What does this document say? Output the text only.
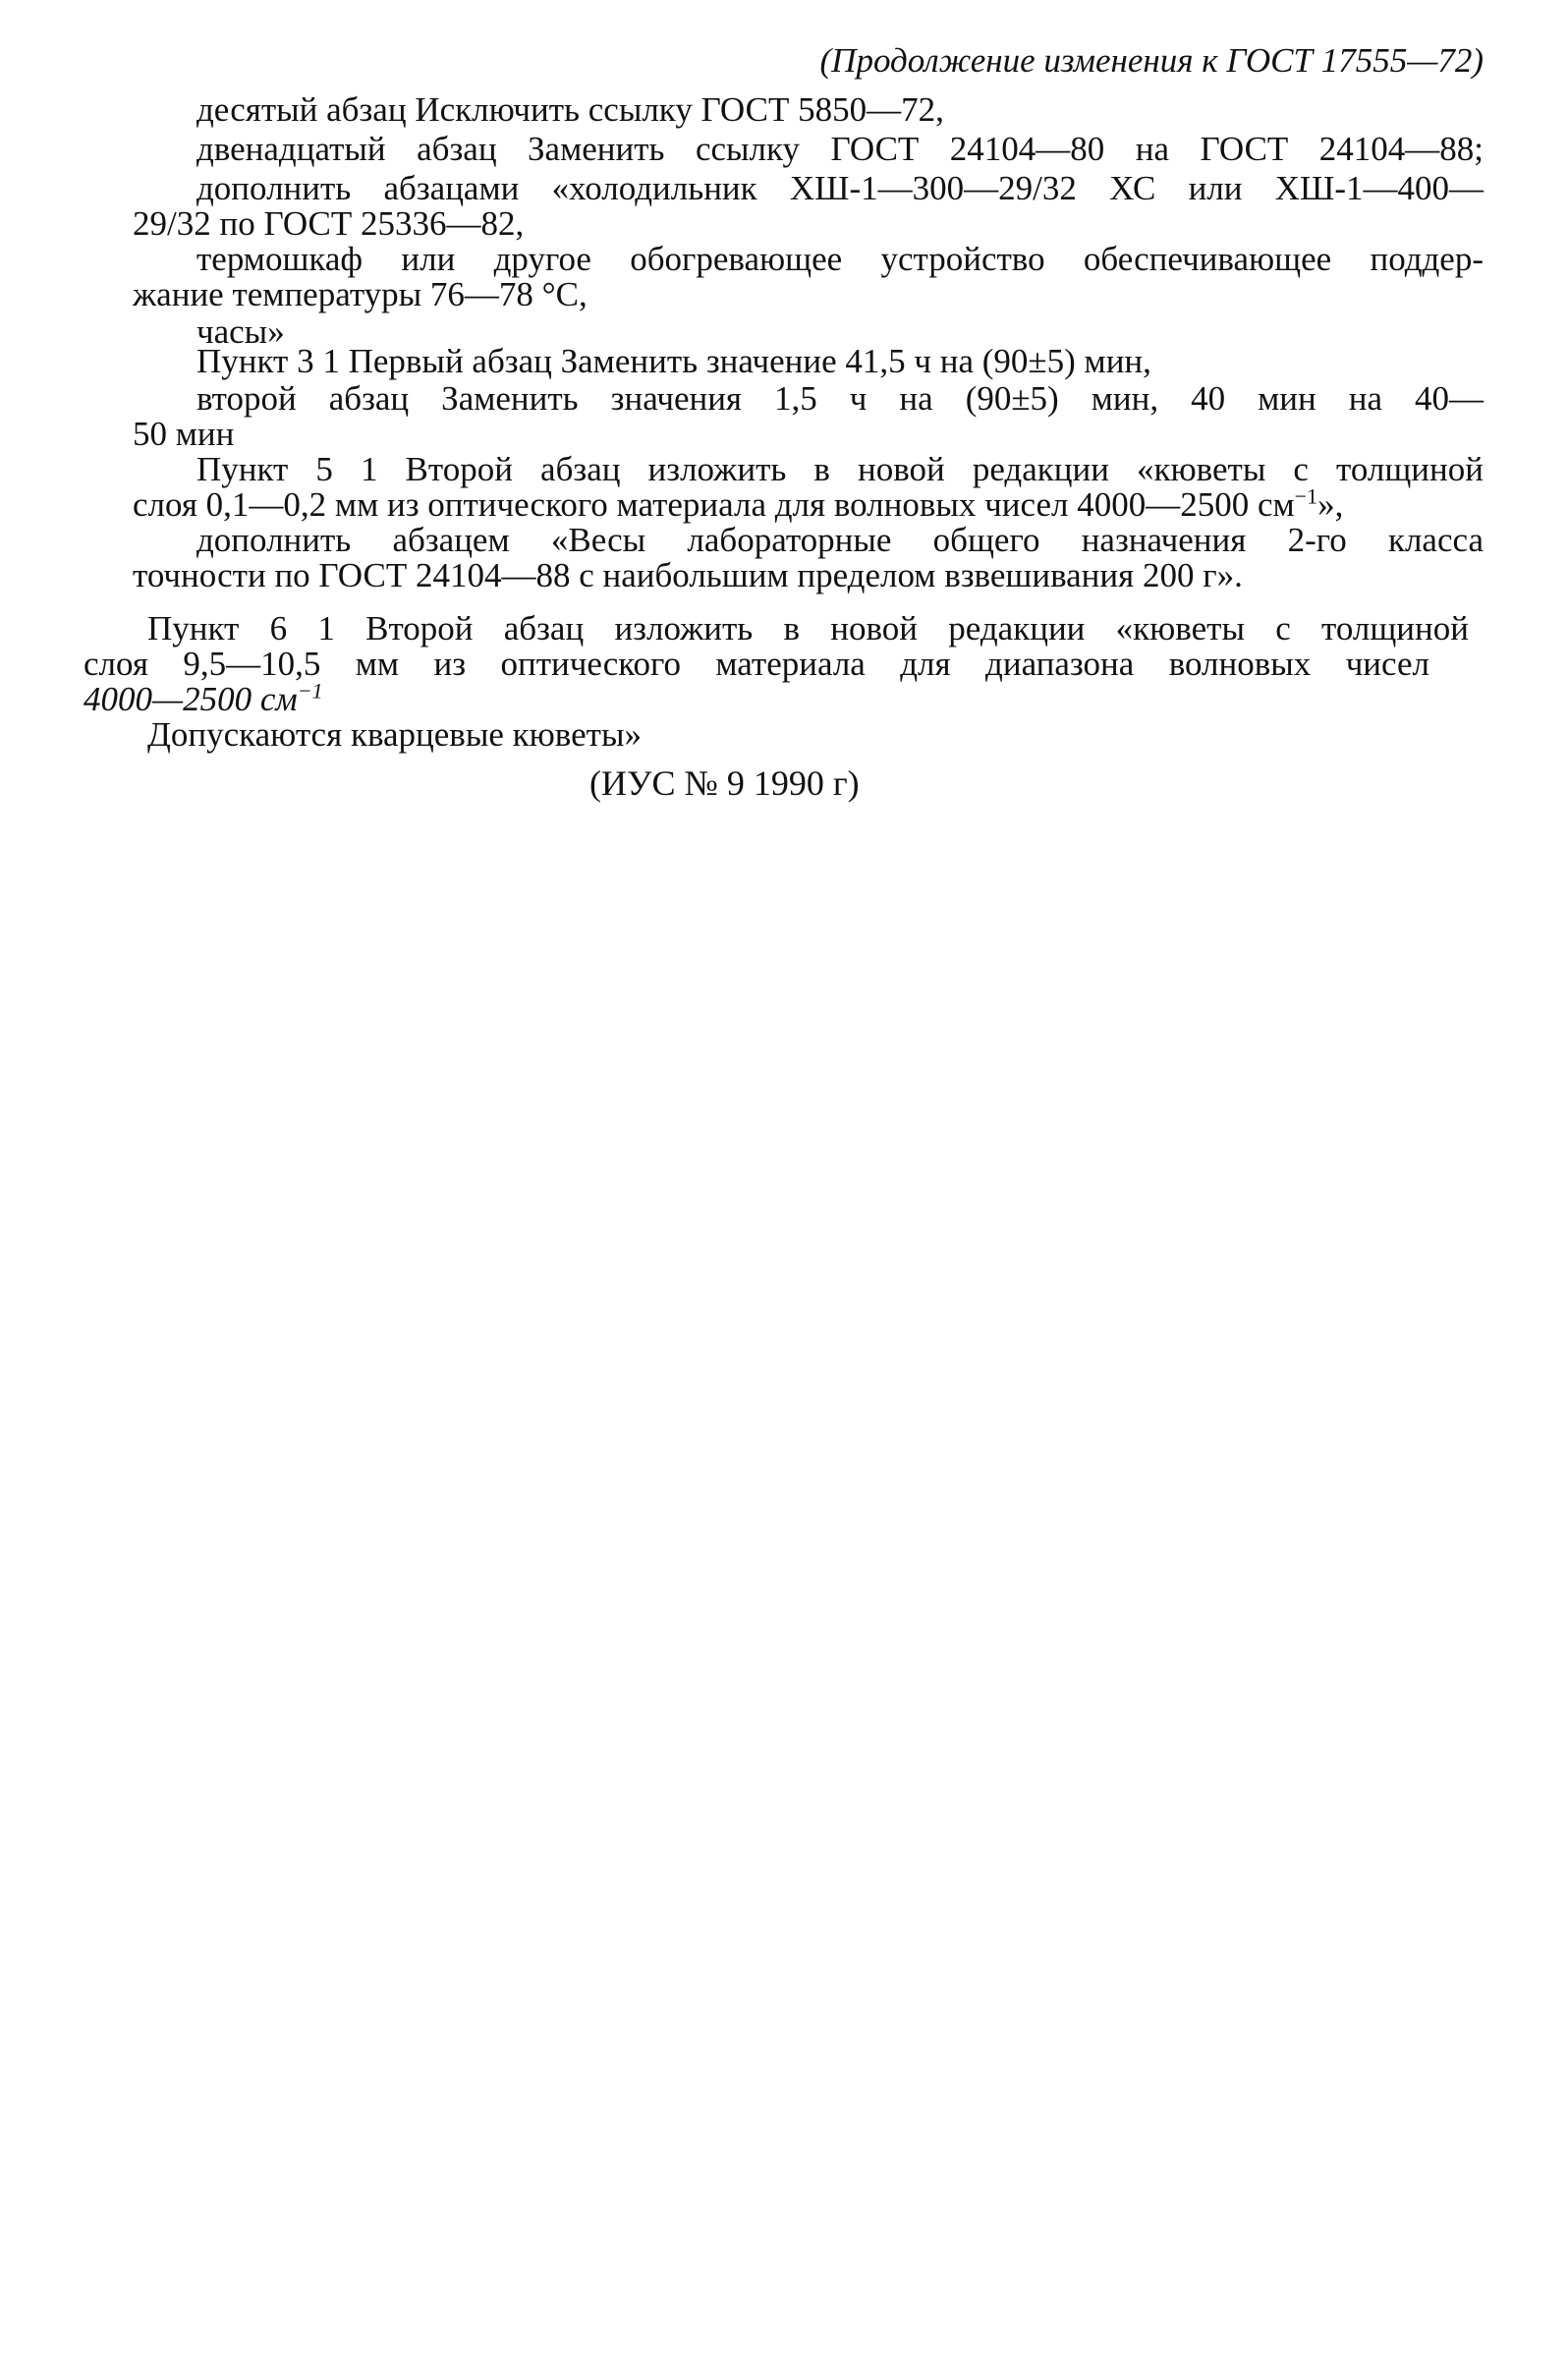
(Продолжение изменения к ГОСТ 17555—72)
десятый абзац Исключить ссылку ГОСТ 5850—72,
двенадцатый абзац Заменить ссылку ГОСТ 24104—80 на ГОСТ 24104—88;
дополнить абзацами «холодильник ХШ-1—300—29/32 ХС или ХШ-1—400—
29/32 по ГОСТ 25336—82,
термошкаф или другое обогревающее устройство обеспечивающее поддер-
жание температуры 76—78 °С,
часы»
Пункт 3 1 Первый абзац Заменить значение 41,5 ч на (90±5) мин,
второй абзац Заменить значения 1,5 ч на (90±5) мин, 40 мин на 40—
50 мин
Пункт 5 1 Второй абзац изложить в новой редакции «кюветы с толщиной
слоя 0,1—0,2 мм из оптического материала для волновых чисел 4000—2500 $см^{-1}$»,
дополнить абзацем «Весы лабораторные общего назначения 2-го класса
точности по ГОСТ 24104—88 с наибольшим пределом взвешивания 200 г».
Пункт 6 1 Второй абзац изложить в новой редакции «кюветы с толщиной
слоя 9,5—10,5 мм из оптического материала для диапазона волновых чисел
4000—2500 $см^{-1}$
Допускаются кварцевые кюветы»
(ИУС № 9 1990 г)
